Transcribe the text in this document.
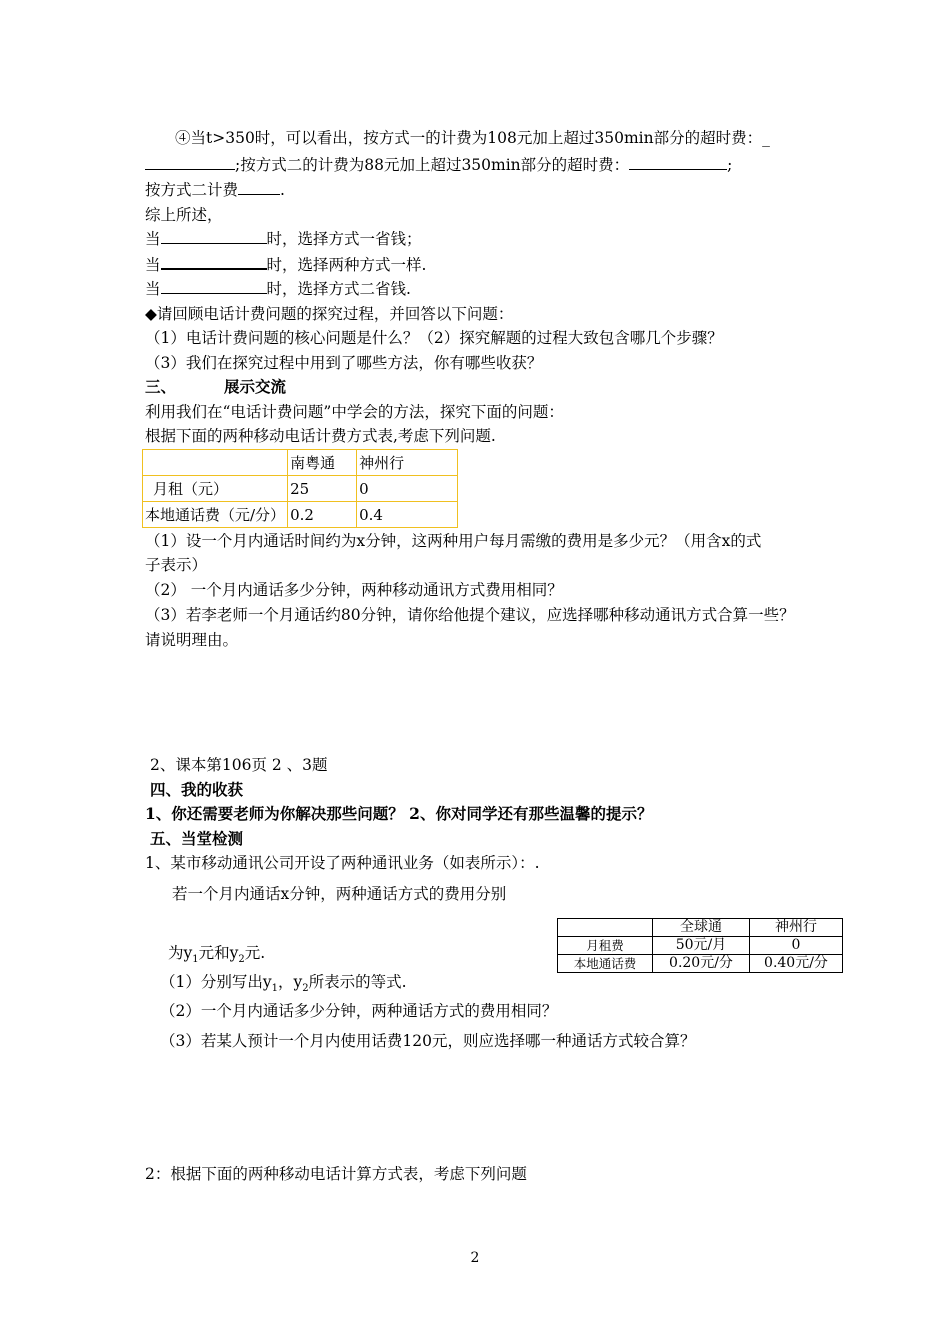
④当t>350时，可以看出，按方式一的计费为108元加上超过350min部分的超时费：_
;按方式二的计费为88元加上超过350min部分的超时费：	;
按方式二计费	.
综上所述，
当	时，选择方式一省钱；
当	时，选择两种方式一样.
当	时，选择方式二省钱.
◆请回顾电话计费问题的探究过程，并回答以下问题：
（1）电话计费问题的核心问题是什么？（2）探究解题的过程大致包含哪几个步骤？
（3）我们在探究过程中用到了哪些方法，你有哪些收获？
三、	展示交流
利用我们在“电话计费问题”中学会的方法，探究下面的问题：
根据下面的两种移动电话计费方式表,考虑下列问题.
	南粤通	神州行
月租（元）	25	0
本地通话费（元/分）	0.2	0.4
（1）设一个月内通话时间约为x分钟，这两种用户每月需缴的费用是多少元？（用含x的式
子表示）
（2） 一个月内通话多少分钟，两种移动通讯方式费用相同？
（3）若李老师一个月通话约80分钟，请你给他提个建议，应选择哪种移动通讯方式合算一些？
请说明理由。
2、课本第106页 2 、3题
四、我的收获
1、你还需要老师为你解决那些问题？ 2、你对同学还有那些温馨的提示？
五、当堂检测
1、某市移动通讯公司开设了两种通讯业务（如表所示）：.
若一个月内通话x分钟，两种通话方式的费用分别
	全球通	神州行
月租费	50元/月	0
本地通话费	0.20元/分	0.40元/分
为$y_1$元和$y_2$元.
（1）分别写出$y_1$，$y_2$所表示的等式.
（2）一个月内通话多少分钟，两种通话方式的费用相同？
（3）若某人预计一个月内使用话费120元，则应选择哪一种通话方式较合算？
2：根据下面的两种移动电话计算方式表，考虑下列问题
2
